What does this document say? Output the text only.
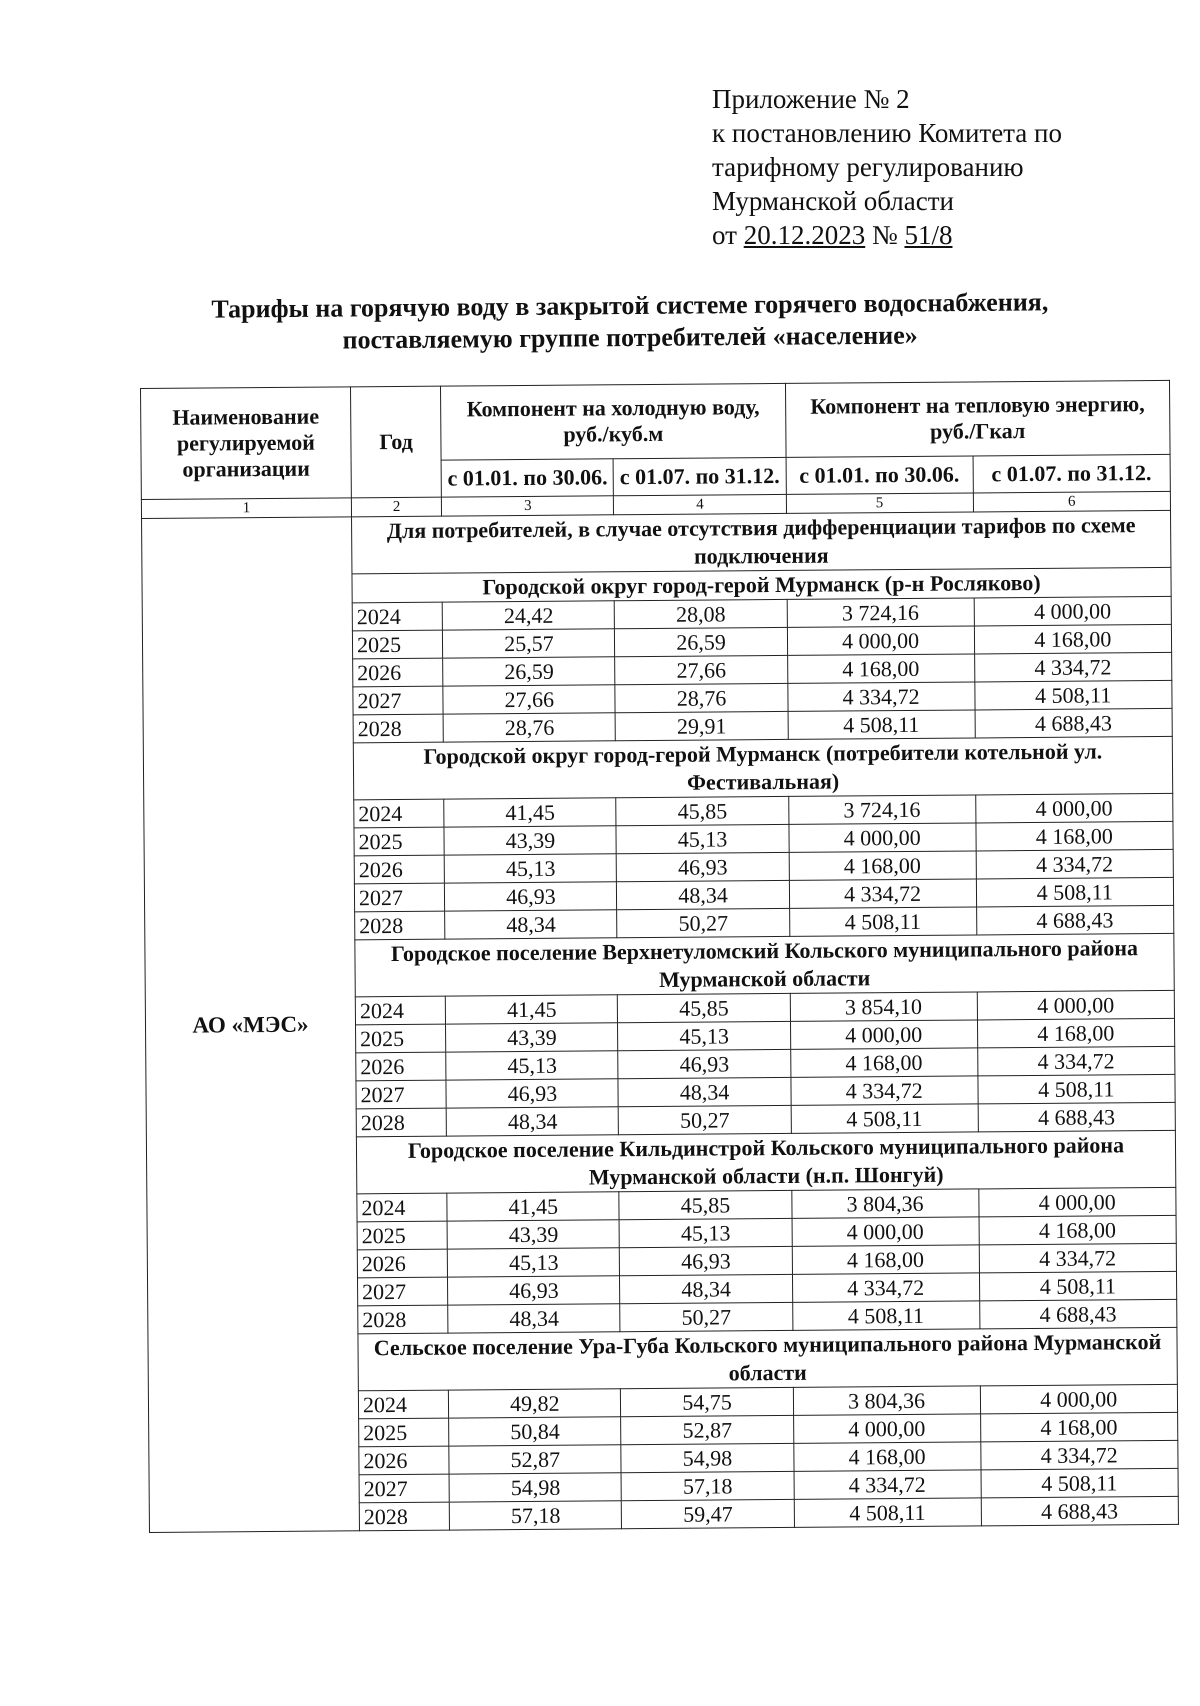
Приложение № 2
к постановлению Комитета по
тарифному регулированию
Мурманской области
от 20.12.2023 № 51/8
Тарифы на горячую воду в закрытой системе горячего водоснабжения,
поставляемую группе потребителей «население»
Наименование регулируемой организации	Год	Компонент на холодную воду, руб./куб.м		Компонент на тепловую энергию, руб./Гкал	
		с 01.01. по 30.06.	с 01.07. по 31.12.	с 01.01. по 30.06.	с 01.07. по 31.12.
1	2	3	4	5	6
АО «МЭС»	Для потребителей, в случае отсутствия дифференциации тарифов по схеме подключения				
	Городской округ город-герой Мурманск (р-н Росляково)				
	2024	24,42	28,08	3 724,16	4 000,00
	2025	25,57	26,59	4 000,00	4 168,00
	2026	26,59	27,66	4 168,00	4 334,72
	2027	27,66	28,76	4 334,72	4 508,11
	2028	28,76	29,91	4 508,11	4 688,43
	Городской округ город-герой Мурманск (потребители котельной ул. Фестивальная)				
	2024	41,45	45,85	3 724,16	4 000,00
	2025	43,39	45,13	4 000,00	4 168,00
	2026	45,13	46,93	4 168,00	4 334,72
	2027	46,93	48,34	4 334,72	4 508,11
	2028	48,34	50,27	4 508,11	4 688,43
	Городское поселение Верхнетуломский Кольского муниципального района Мурманской области				
	2024	41,45	45,85	3 854,10	4 000,00
	2025	43,39	45,13	4 000,00	4 168,00
	2026	45,13	46,93	4 168,00	4 334,72
	2027	46,93	48,34	4 334,72	4 508,11
	2028	48,34	50,27	4 508,11	4 688,43
	Городское поселение Кильдинстрой Кольского муниципального района Мурманской области (н.п. Шонгуй)				
	2024	41,45	45,85	3 804,36	4 000,00
	2025	43,39	45,13	4 000,00	4 168,00
	2026	45,13	46,93	4 168,00	4 334,72
	2027	46,93	48,34	4 334,72	4 508,11
	2028	48,34	50,27	4 508,11	4 688,43
	Сельское поселение Ура-Губа Кольского муниципального района Мурманской области				
	2024	49,82	54,75	3 804,36	4 000,00
	2025	50,84	52,87	4 000,00	4 168,00
	2026	52,87	54,98	4 168,00	4 334,72
	2027	54,98	57,18	4 334,72	4 508,11
	2028	57,18	59,47	4 508,11	4 688,43
